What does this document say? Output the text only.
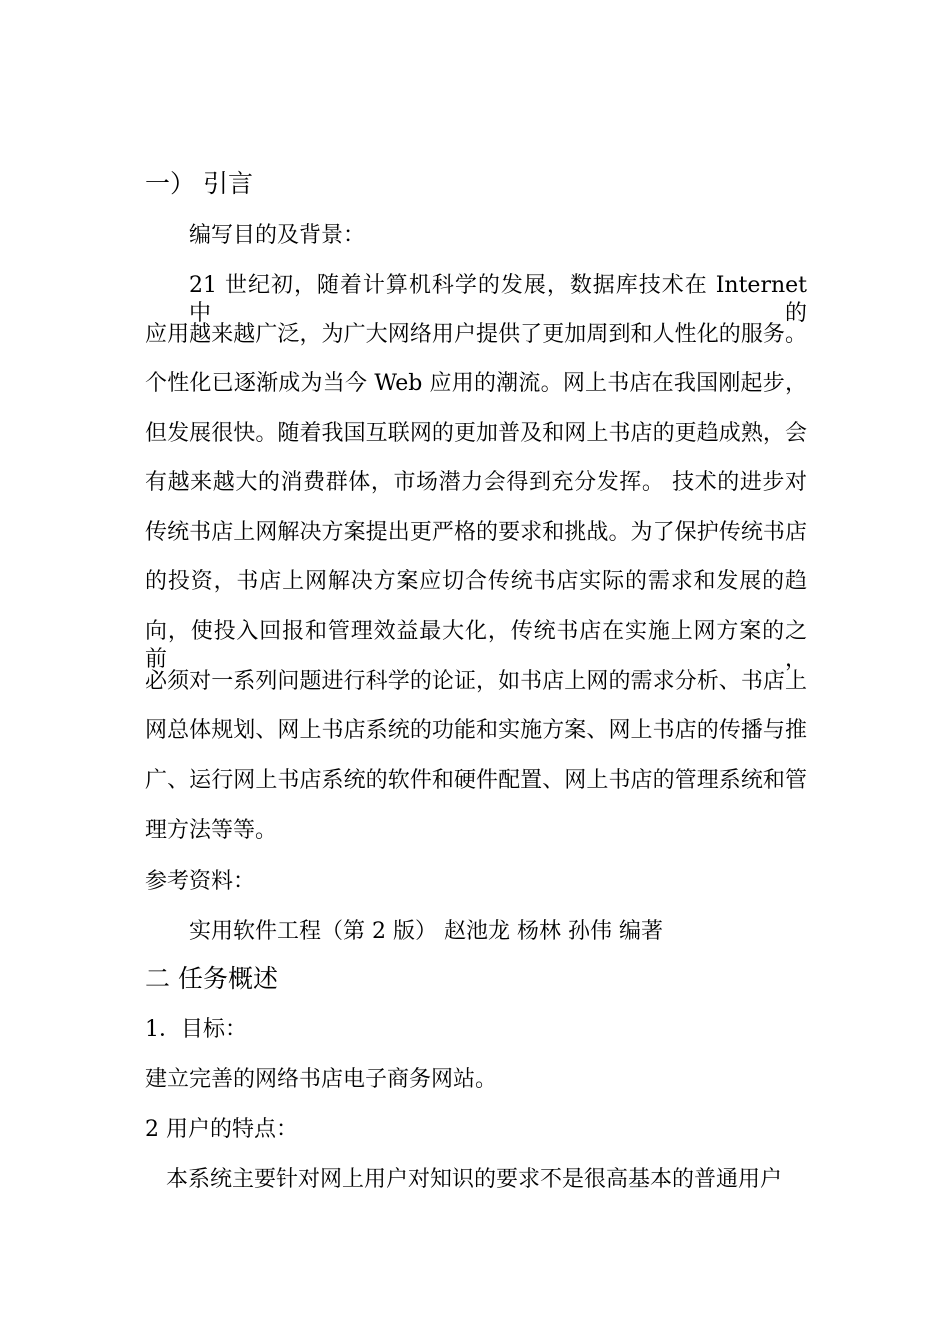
一） 引言
编写目的及背景：
21 世纪初，随着计算机科学的发展，数据库技术在 Internet 中的
应用越来越广泛，为广大网络用户提供了更加周到和人性化的服务。
个性化已逐渐成为当今 Web 应用的潮流。网上书店在我国刚起步，
但发展很快。随着我国互联网的更加普及和网上书店的更趋成熟，会
有越来越大的消费群体，市场潜力会得到充分发挥。 技术的进步对
传统书店上网解决方案提出更严格的要求和挑战。为了保护传统书店
的投资，书店上网解决方案应切合传统书店实际的需求和发展的趋
向，使投入回报和管理效益最大化，传统书店在实施上网方案的之前，
必须对一系列问题进行科学的论证，如书店上网的需求分析、书店上
网总体规划、网上书店系统的功能和实施方案、网上书店的传播与推
广、运行网上书店系统的软件和硬件配置、网上书店的管理系统和管
理方法等等。
参考资料：
实用软件工程（第 2 版） 赵池龙 杨林 孙伟 编著
二 任务概述
1．目标：
建立完善的网络书店电子商务网站。
2 用户的特点：
本系统主要针对网上用户对知识的要求不是很高基本的普通用户
